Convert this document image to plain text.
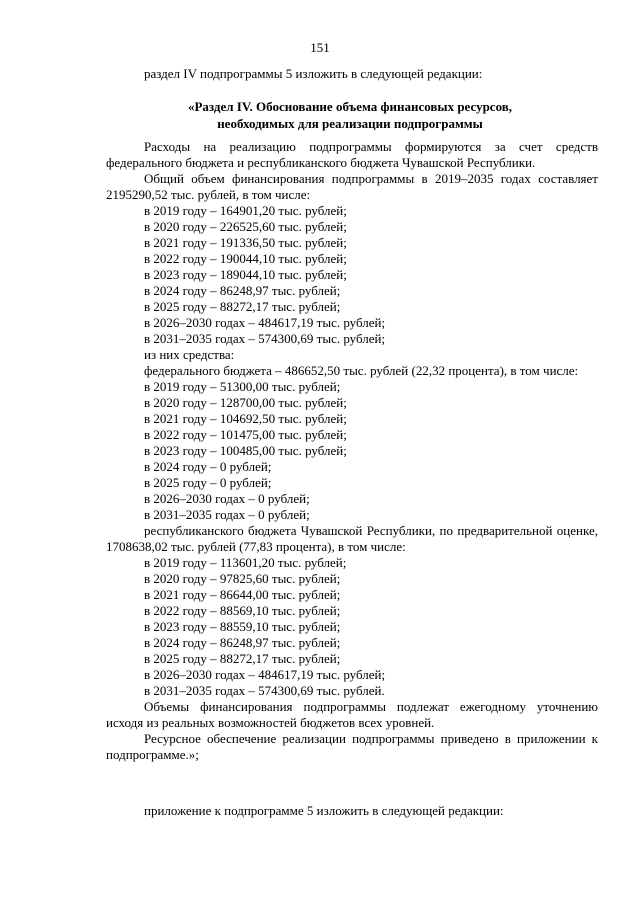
151
раздел IV подпрограммы 5 изложить в следующей редакции:
«Раздел IV. Обоснование объема финансовых ресурсов,
необходимых для реализации подпрограммы

Расходы на реализацию подпрограммы формируются за счет средств федерального бюджета и республиканского бюджета Чувашской Республики.

Общий объем финансирования подпрограммы в 2019–2035 годах составляет 2195290,52 тыс. рублей, в том числе:

в 2019 году – 164901,20 тыс. рублей;

в 2020 году – 226525,60 тыс. рублей;

в 2021 году – 191336,50 тыс. рублей;

в 2022 году – 190044,10 тыс. рублей;

в 2023 году – 189044,10 тыс. рублей;

в 2024 году – 86248,97 тыс. рублей;

в 2025 году – 88272,17 тыс. рублей;

в 2026–2030 годах – 484617,19 тыс. рублей;

в 2031–2035 годах – 574300,69 тыс. рублей;

из них средства:

федерального бюджета – 486652,50 тыс. рублей (22,32 процента), в том числе:

в 2019 году – 51300,00 тыс. рублей;

в 2020 году – 128700,00 тыс. рублей;

в 2021 году – 104692,50 тыс. рублей;

в 2022 году – 101475,00 тыс. рублей;

в 2023 году – 100485,00 тыс. рублей;

в 2024 году – 0 рублей;

в 2025 году – 0 рублей;

в 2026–2030 годах – 0 рублей;

в 2031–2035 годах – 0 рублей;

республиканского бюджета Чувашской Республики, по предварительной оценке, 1708638,02 тыс. рублей (77,83 процента), в том числе:

в 2019 году – 113601,20 тыс. рублей;

в 2020 году – 97825,60 тыс. рублей;

в 2021 году – 86644,00 тыс. рублей;

в 2022 году – 88569,10 тыс. рублей;

в 2023 году – 88559,10 тыс. рублей;

в 2024 году – 86248,97 тыс. рублей;

в 2025 году – 88272,17 тыс. рублей;

в 2026–2030 годах – 484617,19 тыс. рублей;

в 2031–2035 годах – 574300,69 тыс. рублей.

Объемы финансирования подпрограммы подлежат ежегодному уточнению исходя из реальных возможностей бюджетов всех уровней.

Ресурсное обеспечение реализации подпрограммы приведено в приложении к подпрограмме.»;

приложение к подпрограмме 5 изложить в следующей редакции:
